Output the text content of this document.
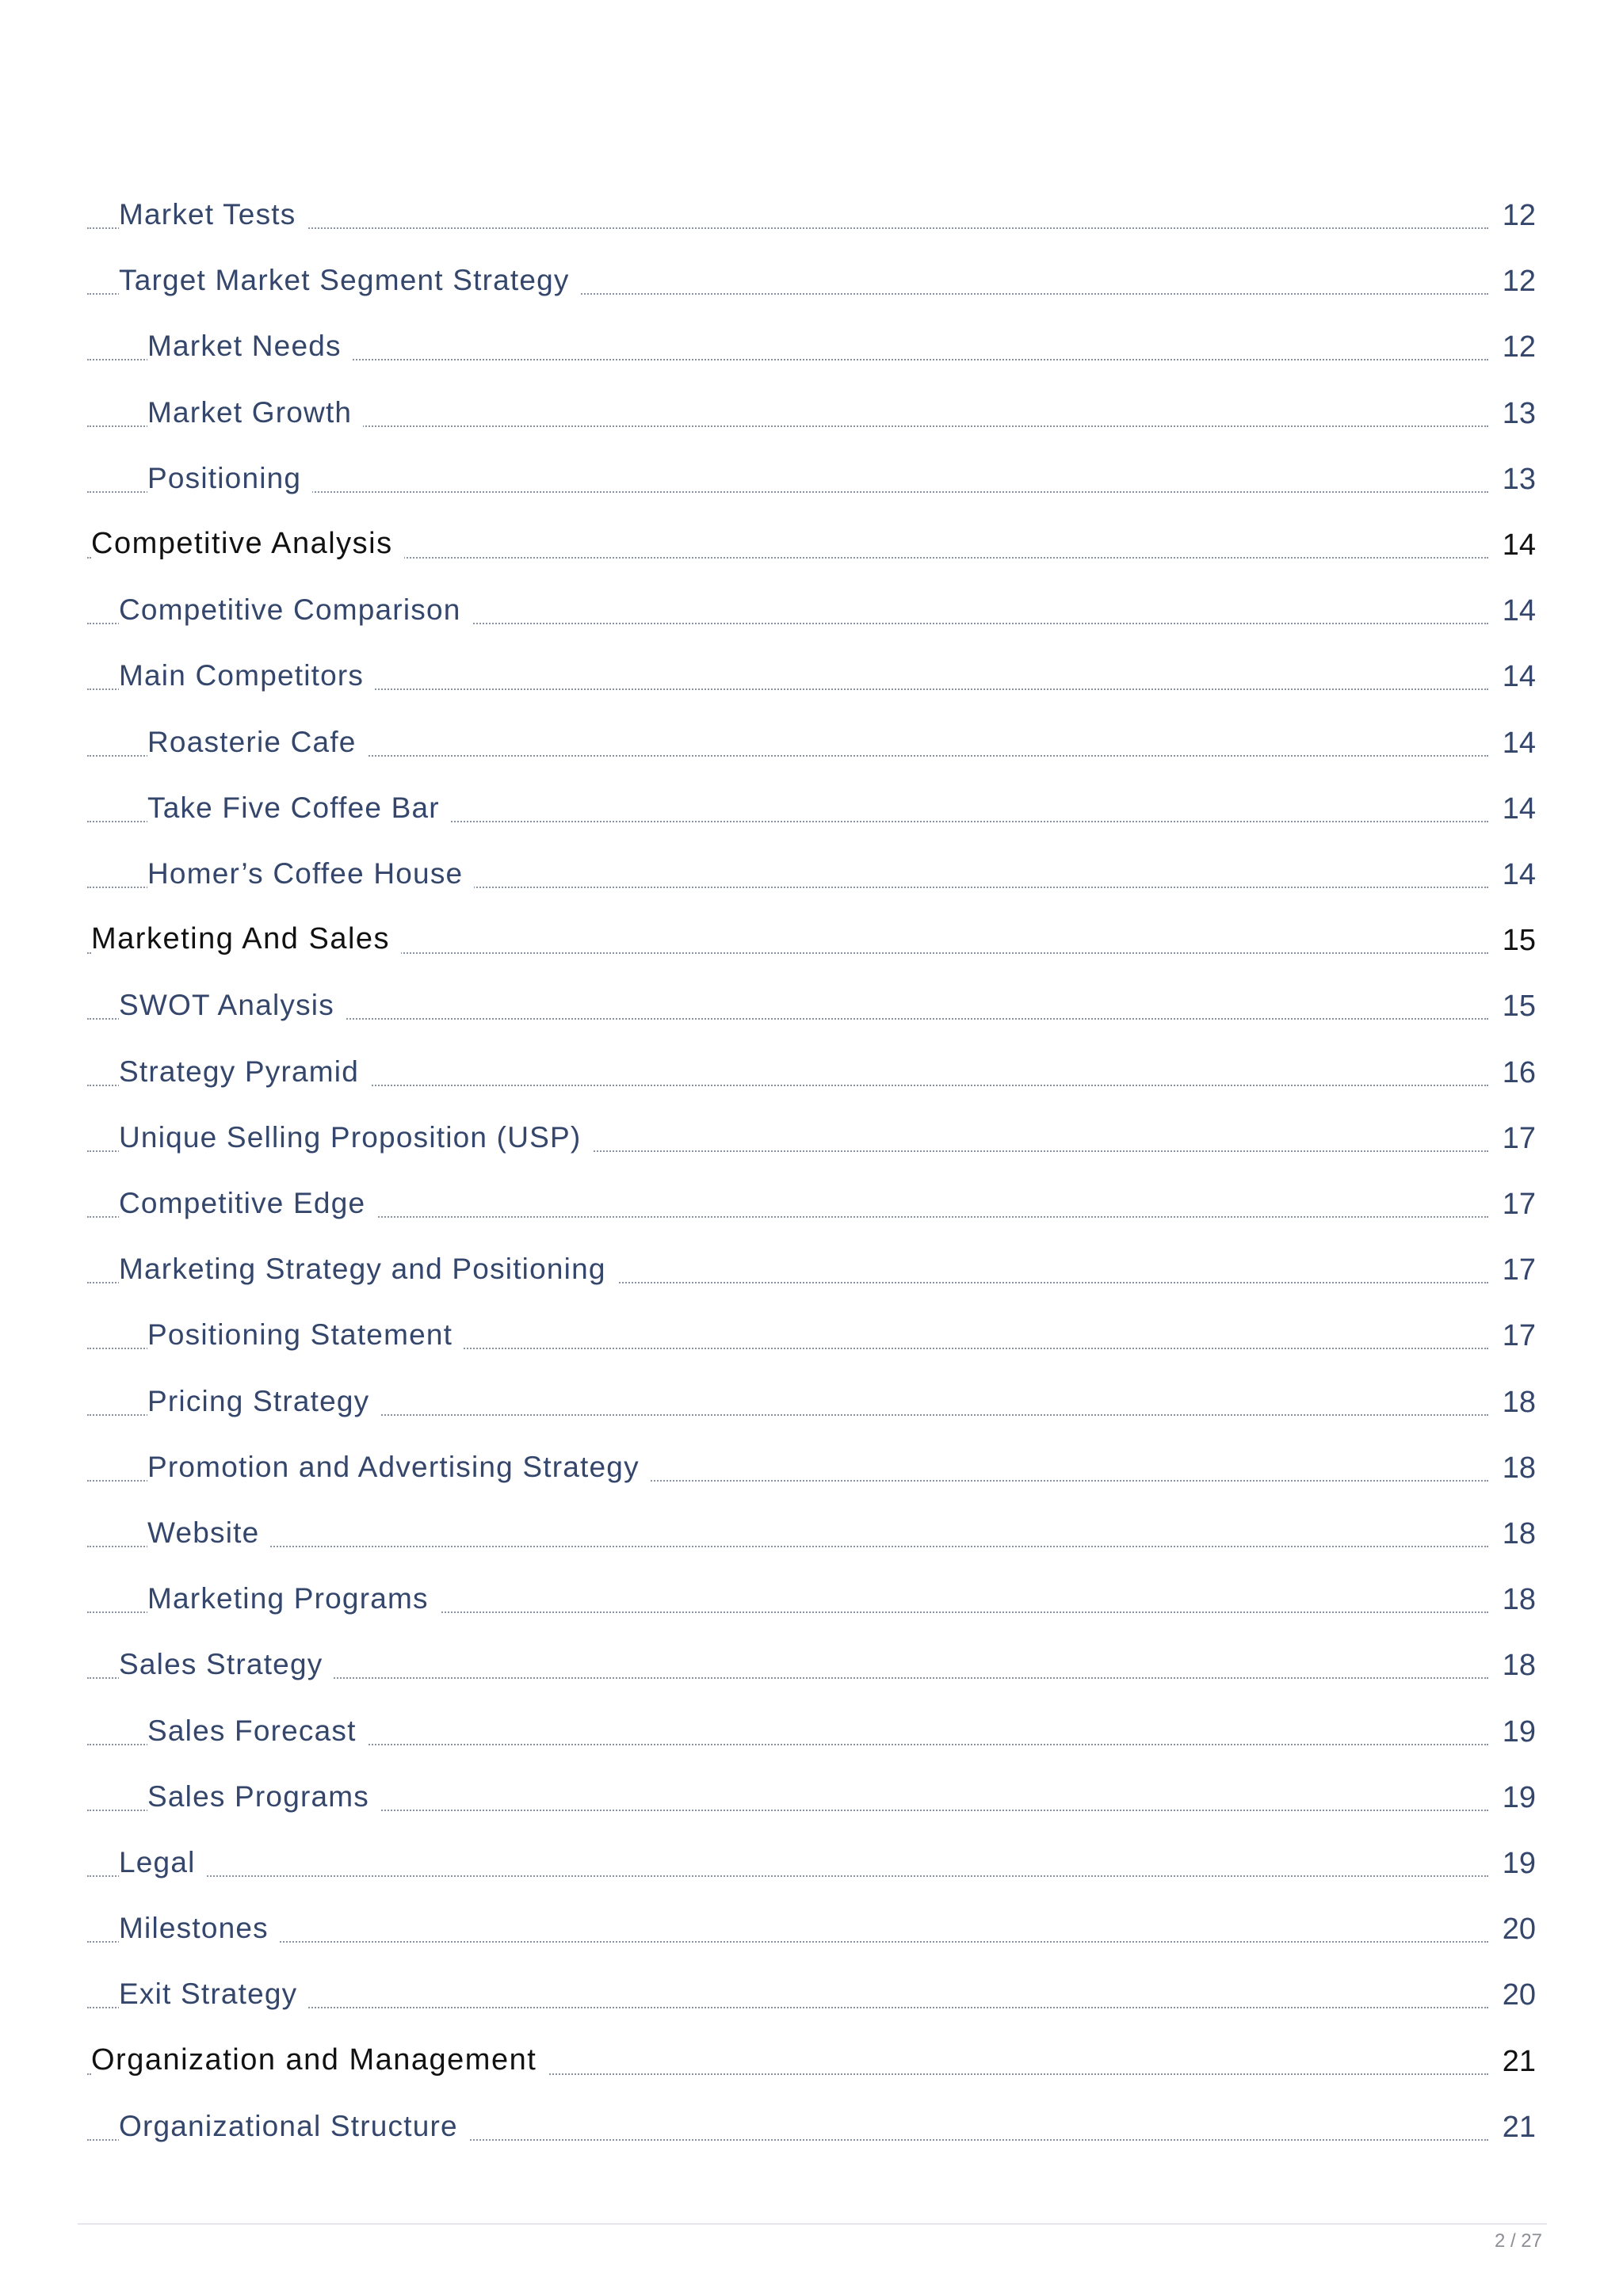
Market Tests	12
Target Market Segment Strategy	12
Market Needs	12
Market Growth	13
Positioning	13
Competitive Analysis	14
Competitive Comparison	14
Main Competitors	14
Roasterie Cafe	14
Take Five Coffee Bar	14
Homer’s Coffee House	14
Marketing And Sales	15
SWOT Analysis	15
Strategy Pyramid	16
Unique Selling Proposition (USP)	17
Competitive Edge	17
Marketing Strategy and Positioning	17
Positioning Statement	17
Pricing Strategy	18
Promotion and Advertising Strategy	18
Website	18
Marketing Programs	18
Sales Strategy	18
Sales Forecast	19
Sales Programs	19
Legal	19
Milestones	20
Exit Strategy	20
Organization and Management	21
Organizational Structure	21
2 / 27
